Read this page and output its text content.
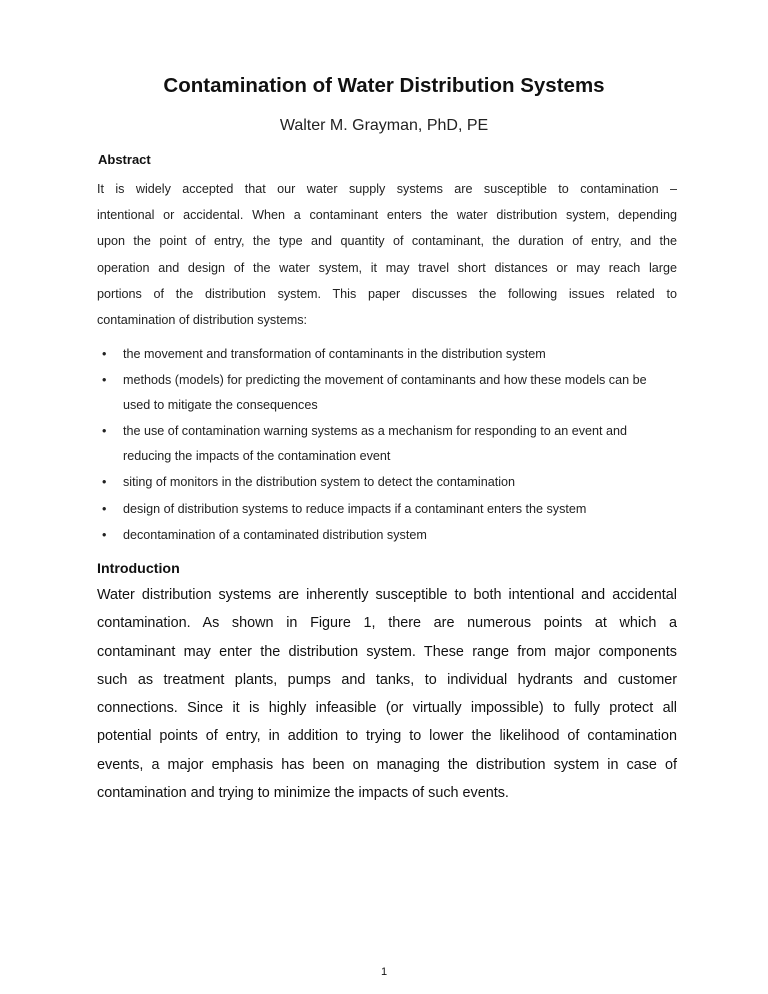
Contamination of Water Distribution Systems
Walter M. Grayman, PhD, PE
Abstract
It is widely accepted that our water supply systems are susceptible to contamination –
intentional or accidental. When a contaminant enters the water distribution system, depending
upon the point of entry, the type and quantity of contaminant, the duration of entry, and the
operation and design of the water system, it may travel short distances or may reach large
portions of the distribution system. This paper discusses the following issues related to
contamination of distribution systems:
• the movement and transformation of contaminants in the distribution system
• methods (models) for predicting the movement of contaminants and how these models can be used to mitigate the consequences
• the use of contamination warning systems as a mechanism for responding to an event and reducing the impacts of the contamination event
• siting of monitors in the distribution system to detect the contamination
• design of distribution systems to reduce impacts if a contaminant enters the system
• decontamination of a contaminated distribution system
Introduction
Water distribution systems are inherently susceptible to both intentional and accidental
contamination. As shown in Figure 1, there are numerous points at which a
contaminant may enter the distribution system. These range from major components
such as treatment plants, pumps and tanks, to individual hydrants and customer
connections. Since it is highly infeasible (or virtually impossible) to fully protect all
potential points of entry, in addition to trying to lower the likelihood of contamination
events, a major emphasis has been on managing the distribution system in case of
contamination and trying to minimize the impacts of such events.
1
